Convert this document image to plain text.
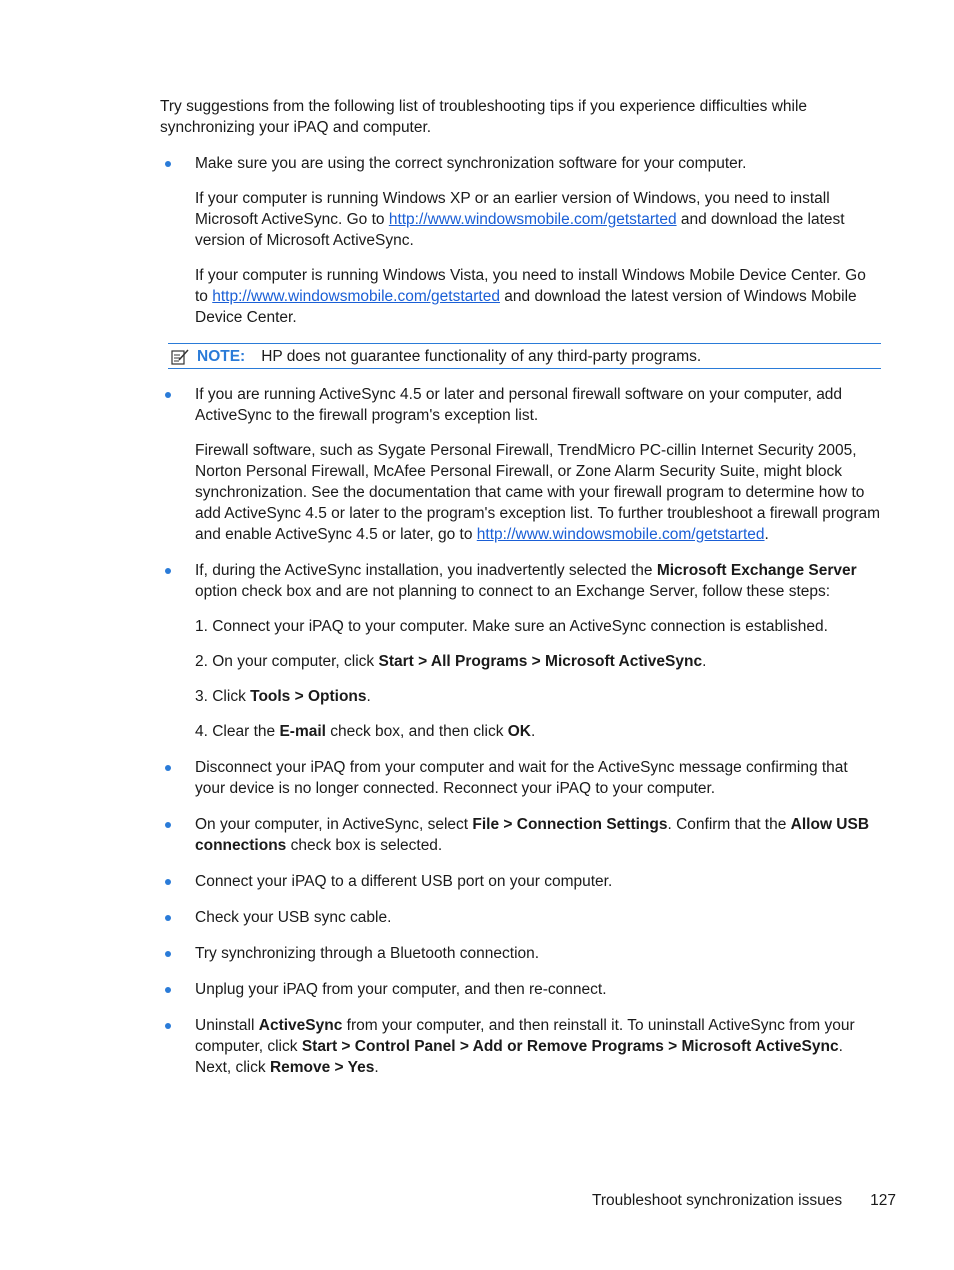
Try suggestions from the following list of troubleshooting tips if you experience difficulties while synchronizing your iPAQ and computer.

Make sure you are using the correct synchronization software for your computer.

If your computer is running Windows XP or an earlier version of Windows, you need to install Microsoft ActiveSync. Go to http://www.windowsmobile.com/getstarted and download the latest version of Microsoft ActiveSync.

If your computer is running Windows Vista, you need to install Windows Mobile Device Center. Go to http://www.windowsmobile.com/getstarted and download the latest version of Windows Mobile Device Center.

NOTE: HP does not guarantee functionality of any third-party programs.

If you are running ActiveSync 4.5 or later and personal firewall software on your computer, add ActiveSync to the firewall program's exception list.

Firewall software, such as Sygate Personal Firewall, TrendMicro PC-cillin Internet Security 2005, Norton Personal Firewall, McAfee Personal Firewall, or Zone Alarm Security Suite, might block synchronization. See the documentation that came with your firewall program to determine how to add ActiveSync 4.5 or later to the program's exception list. To further troubleshoot a firewall program and enable ActiveSync 4.5 or later, go to http://www.windowsmobile.com/getstarted.

If, during the ActiveSync installation, you inadvertently selected the Microsoft Exchange Server option check box and are not planning to connect to an Exchange Server, follow these steps:

1. Connect your iPAQ to your computer. Make sure an ActiveSync connection is established.

2. On your computer, click Start > All Programs > Microsoft ActiveSync.

3. Click Tools > Options.

4. Clear the E-mail check box, and then click OK.

Disconnect your iPAQ from your computer and wait for the ActiveSync message confirming that your device is no longer connected. Reconnect your iPAQ to your computer.

On your computer, in ActiveSync, select File > Connection Settings. Confirm that the Allow USB connections check box is selected.

Connect your iPAQ to a different USB port on your computer.

Check your USB sync cable.

Try synchronizing through a Bluetooth connection.

Unplug your iPAQ from your computer, and then re-connect.

Uninstall ActiveSync from your computer, and then reinstall it. To uninstall ActiveSync from your computer, click Start > Control Panel > Add or Remove Programs > Microsoft ActiveSync. Next, click Remove > Yes.

Troubleshoot synchronization issues 127
